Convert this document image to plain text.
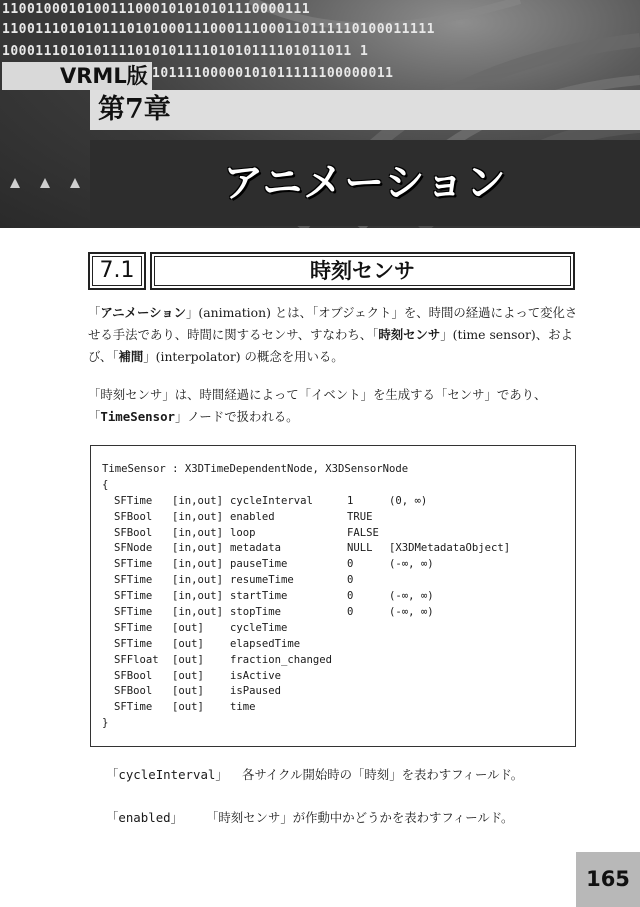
1100100010100111000101010101110000111
1100111010101110101000111000111000110111110100011111
100011101010111101010111101010111101011011 1
10111100000101011111100000011
VRML版
第7章
アニメーション
7.1	時刻センサ
「アニメーション」(animation) とは、「オブジェクト」を、時間の経過によって変化させる手法であり、時間に関するセンサ、すなわち、「時刻センサ」(time sensor)、および、「補間」(interpolator) の概念を用いる。
「時刻センサ」は、時間経過によって「イベント」を生成する「センサ」であり、「TimeSensor」ノードで扱われる。
TimeSensor : X3DTimeDependentNode, X3DSensorNode
{
SFTime [in,out] cycleInterval	1	(0, ∞)
SFBool [in,out] enabled	TRUE
SFBool [in,out] loop	FALSE
SFNode [in,out] metadata	NULL [X3DMetadataObject]
SFTime [in,out] pauseTime	0	(-∞, ∞)
SFTime [in,out] resumeTime	0
SFTime [in,out] startTime	0	(-∞, ∞)
SFTime [in,out] stopTime	0	(-∞, ∞)
SFTime [out] cycleTime
SFTime [out] elapsedTime
SFFloat [out] fraction_changed
SFBool [out] isActive
SFBool [out] isPaused
SFTime [out] time
}
「cycleInterval」 各サイクル開始時の「時刻」を表わすフィールド。
「enabled」 「時刻センサ」が作動中かどうかを表わすフィールド。
165
